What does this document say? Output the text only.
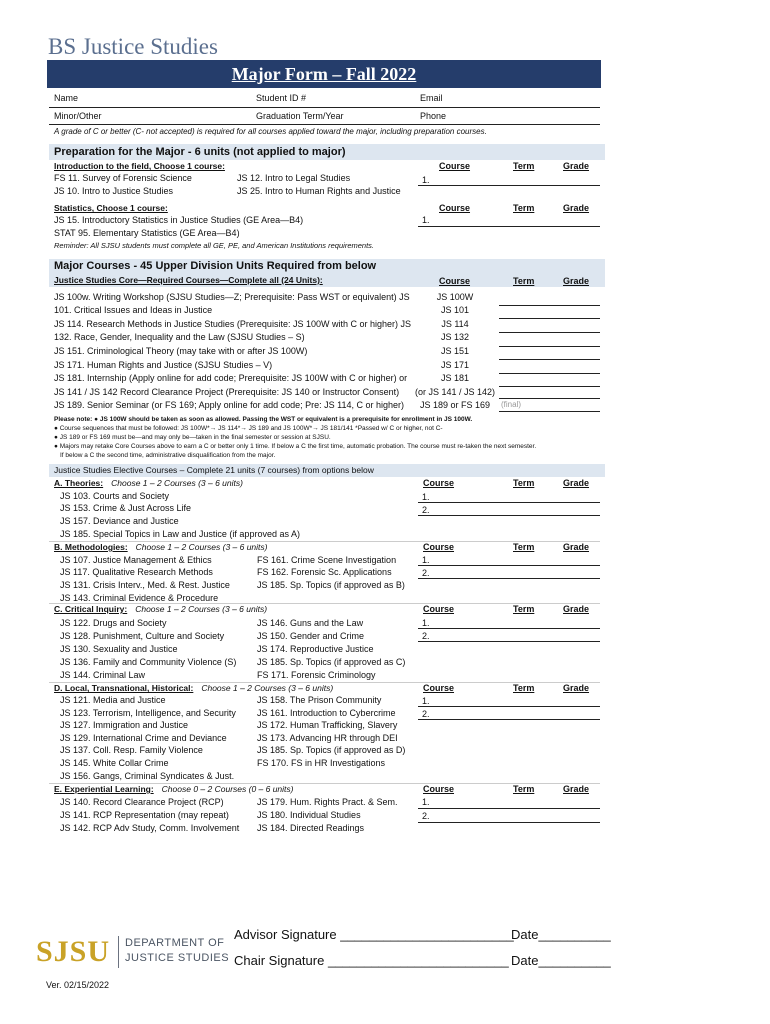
BS Justice Studies
Major Form – Fall 2022
Name	Student ID #	Email
Minor/Other	Graduation Term/Year	Phone
A grade of C or better (C- not accepted) is required for all courses applied toward the major, including preparation courses.
Preparation for the Major - 6 units (not applied to major)
Introduction to the field, Choose 1 course:
FS 11. Survey of Forensic Science
JS 10. Intro to Justice Studies
JS 12. Intro to Legal Studies
JS 25. Intro to Human Rights and Justice
Course	Term	Grade
1.
Statistics, Choose 1 course:
JS 15. Introductory Statistics in Justice Studies (GE Area—B4)
STAT 95. Elementary Statistics (GE Area—B4)
Course	Term	Grade
1.
Reminder: All SJSU students must complete all GE, PE, and American Institutions requirements.
Major Courses - 45 Upper Division Units Required from below
Justice Studies Core—Required Courses—Complete all (24 Units):	Course	Term	Grade
JS 100w. Writing Workshop (SJSU Studies—Z; Prerequisite: Pass WST or equivalent) JS	JS 100W
101. Critical Issues and Ideas in Justice	JS 101
JS 114. Research Methods in Justice Studies (Prerequisite: JS 100W with C or higher) JS	JS 114
132. Race, Gender, Inequality and the Law (SJSU Studies – S)	JS 132
JS 151. Criminological Theory (may take with or after JS 100W)	JS 151
JS 171. Human Rights and Justice (SJSU Studies – V)	JS 171
JS 181. Internship (Apply online for add code; Prerequisite: JS 100W with C or higher) or	JS 181
JS 141 / JS 142 Record Clearance Project (Prerequisite: JS 140 or Instructor Consent)	(or JS 141 / JS 142)
JS 189. Senior Seminar (or FS 169; Apply online for add code; Pre: JS 114, C or higher)	JS 189 or FS 169	(final)
Please note: ● JS 100W should be taken as soon as allowed. Passing the WST or equivalent is a prerequisite for enrollment in JS 100W.
● Course sequences that must be followed: JS 100W*→ JS 114*→ JS 189 and JS 100W*→ JS 181/141 *Passed w/ C or higher, not C-
● JS 189 or FS 169 must be—and may only be—taken in the final semester or session at SJSU.
● Majors may retake Core Courses above to earn a C or better only 1 time. If below a C the first time, automatic probation. The course must re-taken the next semester.
If below a C the second time, administrative disqualification from the major.
Justice Studies Elective Courses – Complete 21 units (7 courses) from options below
A. Theories: Choose 1 – 2 Courses (3 – 6 units)	Course	Term	Grade
1.
2.
JS 103. Courts and Society
JS 153. Crime & Just Across Life
JS 157. Deviance and Justice
JS 185. Special Topics in Law and Justice (if approved as A)
B. Methodologies: Choose 1 – 2 Courses (3 – 6 units)	Course	Term	Grade
1.
2.
JS 107. Justice Management & Ethics
JS 117. Qualitative Research Methods
JS 131. Crisis Interv., Med. & Rest. Justice
JS 143. Criminal Evidence & Procedure
FS 161. Crime Scene Investigation
FS 162. Forensic Sc. Applications
JS 185. Sp. Topics (if approved as B)
C. Critical Inquiry: Choose 1 – 2 Courses (3 – 6 units)	Course	Term	Grade
1.
2.
JS 122. Drugs and Society
JS 128. Punishment, Culture and Society
JS 130. Sexuality and Justice
JS 136. Family and Community Violence (S)
JS 144. Criminal Law
JS 146. Guns and the Law
JS 150. Gender and Crime
JS 174. Reproductive Justice
JS 185. Sp. Topics (if approved as C)
FS 171. Forensic Criminology
D. Local, Transnational, Historical: Choose 1 – 2 Courses (3 – 6 units)	Course	Term	Grade
1.
2.
JS 121. Media and Justice
JS 123. Terrorism, Intelligence, and Security
JS 127. Immigration and Justice
JS 129. International Crime and Deviance
JS 137. Coll. Resp. Family Violence
JS 145. White Collar Crime
JS 156. Gangs, Criminal Syndicates & Just.
JS 158. The Prison Community
JS 161. Introduction to Cybercrime
JS 172. Human Trafficking, Slavery
JS 173. Advancing HR through DEI
JS 185. Sp. Topics (if approved as D)
FS 170. FS in HR Investigations
E. Experiential Learning: Choose 0 – 2 Courses (0 – 6 units)	Course	Term	Grade
1.
2.
JS 140. Record Clearance Project (RCP)
JS 141. RCP Representation (may repeat)
JS 142. RCP Adv Study, Comm. Involvement
JS 179. Hum. Rights Pract. & Sem.
JS 180. Individual Studies
JS 184. Directed Readings
Advisor Signature ________________________
Date__________
Chair Signature _________________________ Date__________
SJSU DEPARTMENT OF
JUSTICE STUDIES
Ver. 02/15/2022
